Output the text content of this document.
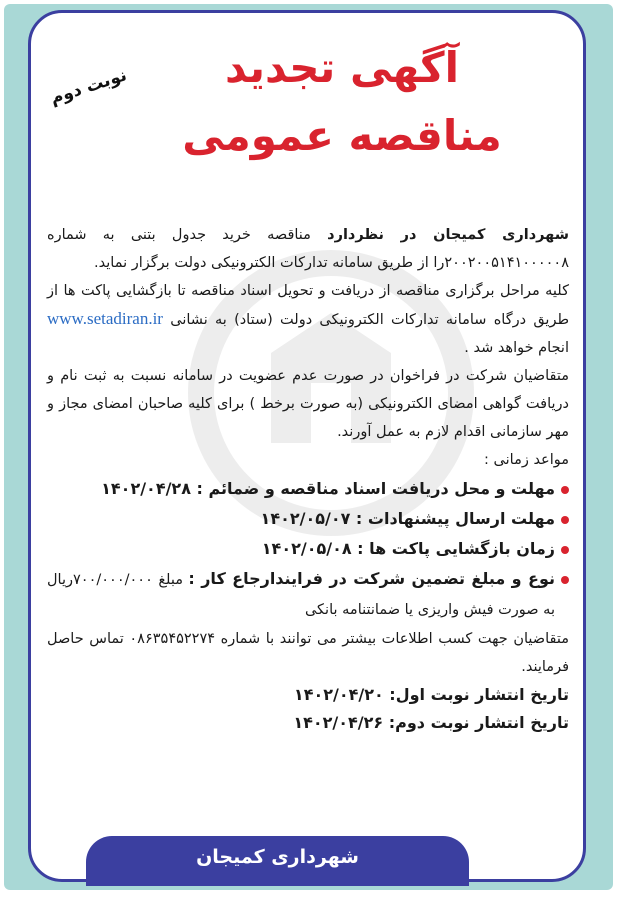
نوبت دوم	آگهی تجدید
مناقصه عمومی

شهرداری کمیجان در نظردارد مناقصه خرید جدول بتنی به شماره ۲۰۰۲۰۰۵۱۴۱۰۰۰۰۰۸را از طریق سامانه تدارکات الکترونیکی دولت برگزار نماید.

کلیه مراحل برگزاری مناقصه از دریافت و تحویل اسناد مناقصه تا بازگشایی پاکت ها از طریق درگاه سامانه تدارکات الکترونیکی دولت (ستاد) به نشانی www.setadiran.ir انجام خواهد شد .

متقاضیان شرکت در فراخوان در صورت عدم عضویت در سامانه نسبت به ثبت نام و دریافت گواهی امضای الکترونیکی (به صورت برخط ) برای کلیه صاحبان امضای مجاز و مهر سازمانی اقدام لازم به عمل آورند.

مواعد زمانی :

مهلت و محل دریافت اسناد مناقصه و ضمائم : ۱۴۰۲/۰۴/۲۸
مهلت ارسال پیشنهادات : ۱۴۰۲/۰۵/۰۷
زمان بازگشایی پاکت ها : ۱۴۰۲/۰۵/۰۸
نوع و مبلغ تضمین شرکت در فرایندارجاع کار : مبلغ ۷۰۰/۰۰۰/۰۰۰ریال به صورت فیش واریزی یا ضمانتنامه بانکی

متقاضیان جهت کسب اطلاعات بیشتر می توانند با شماره ۰۸۶۳۵۴۵۲۲۷۴ تماس حاصل فرمایند.

تاریخ انتشار نوبت اول: ۱۴۰۲/۰۴/۲۰
تاریخ انتشار نوبت دوم: ۱۴۰۲/۰۴/۲۶
شهرداری کمیجان
